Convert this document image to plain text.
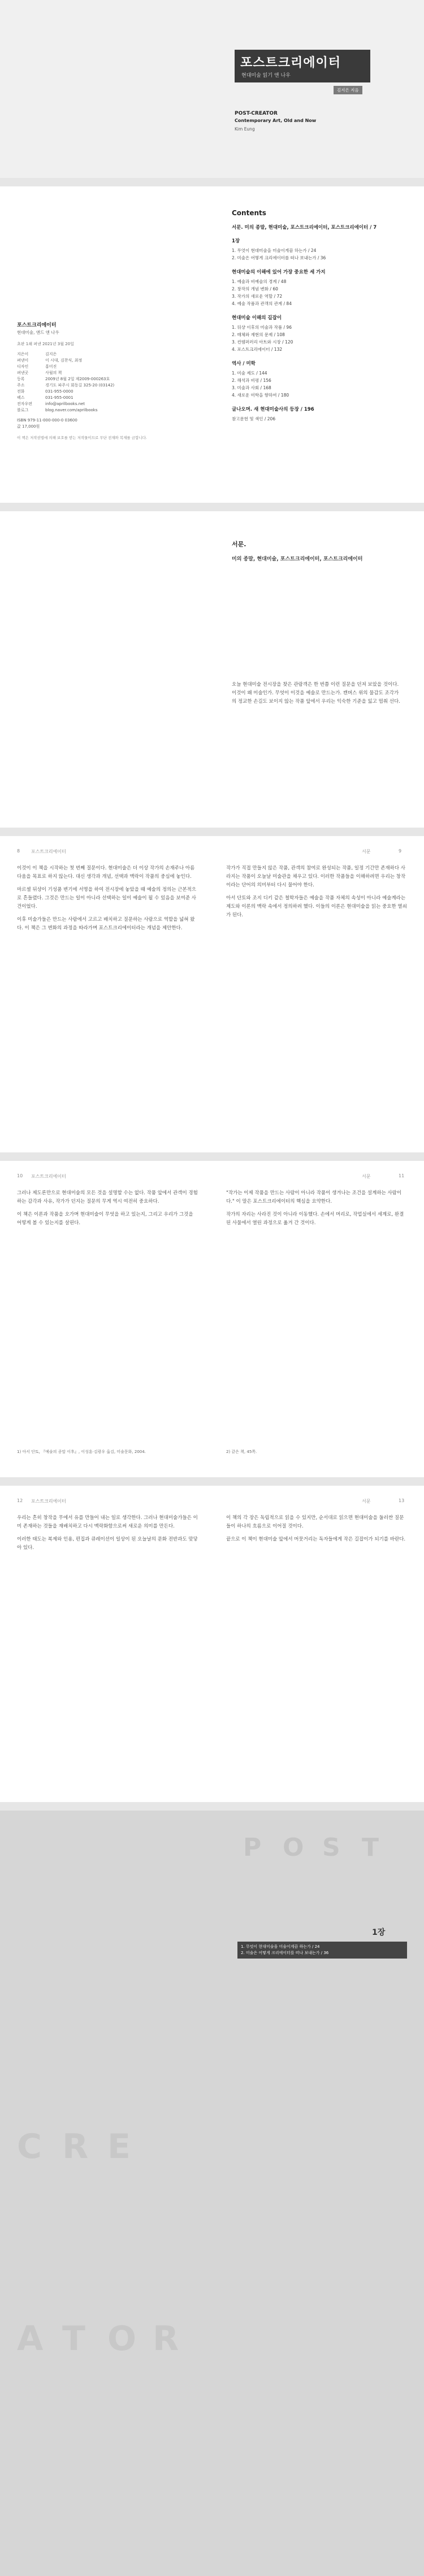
포스트크리에이터
현대미술 읽기 앤 나우
김지은 지음
POST-CREATOR
Contemporary Art, Old and Now
Kim Eung
포스트크리에이터
현대미술, 앤드 앤 나우
초판 1쇄 펴낸 2021년 3월 20일
지은이	김지은
펴낸이	이 시대, 김찬식, 최정
디자인	홍미진
펴낸곳	사월의 책
등록	2009년 8월 2일 제2009-000263호
주소	경기도 파주시 회동길 325-20 (03142)
전화	031-955-0000
팩스	031-955-0001
전자우편	info@aprilbooks.net
블로그	blog.naver.com/aprilbooks
ISBN 979-11-000-000-0 03600
값 17,000원
이 책은 저작권법에 의해 보호를 받는 저작물이므로 무단 전재와 복제를 금합니다.
Contents
서문. 미의 종말, 현대미술, 포스트크리에이터, 포스트크리에이터 / 7
1장
1. 무엇이 현대미술을 미술이게끔 하는가 / 24
2. 미술은 어떻게 크리에이터를 떠나 보내는가 / 36
현대미술의 이해에 있어 가장 중요한 세 가지
1. 예술과 비예술의 경계 / 48
2. 창작의 개념 변화 / 60
3. 작가의 새로운 역할 / 72
4. 예술 작품과 관객의 관계 / 84
현대미술 이해의 길잡이
1. 뒤샹 이후의 미술과 작품 / 96
2. 매체와 재현의 문제 / 108
3. 컨템퍼러리 아트와 시장 / 120
4. 포스트크리에이터 / 132
역사 / 미학
1. 미술 제도 / 144
2. 해석과 비평 / 156
3. 미술과 사회 / 168
4. 새로운 미학을 향하여 / 180
글나오며. 새 현대미술사의 등장 / 196
참고문헌 및 색인 / 206
서문.
미의 종말, 현대미술, 포스트크리에이터, 포스트크리에이터

오늘 현대미술 전시장을 찾은 관람객은 한 번쯤 이런 질문을 던져 보았을 것이다. 이것이 왜 미술인가. 무엇이 이것을 예술로 만드는가. 캔버스 위의 물감도 조각가의 정교한 손길도 보이지 않는 작품 앞에서 우리는 익숙한 기준을 잃고 멈춰 선다.

8 포스트크리에이터	서문	9

이것이 이 책을 시작하는 첫 번째 질문이다. 현대미술은 더 이상 작가의 손재주나 아름다움을 목표로 하지 않는다. 대신 생각과 개념, 선택과 맥락이 작품의 중심에 놓인다.

마르셀 뒤샹이 기성품 변기에 서명을 하여 전시장에 놓았을 때 예술의 정의는 근본적으로 흔들렸다. 그것은 만드는 일이 아니라 선택하는 일이 예술이 될 수 있음을 보여준 사건이었다.

이후 미술가들은 만드는 사람에서 고르고 배치하고 질문하는 사람으로 역할을 넓혀 왔다. 이 책은 그 변화의 과정을 따라가며 포스트크리에이터라는 개념을 제안한다.

작가가 직접 만들지 않은 작품, 관객의 참여로 완성되는 작품, 일정 기간만 존재하다 사라지는 작품이 오늘날 미술관을 채우고 있다. 이러한 작품들을 이해하려면 우리는 창작이라는 단어의 의미부터 다시 물어야 한다.

아서 단토와 조지 디키 같은 철학자들은 예술을 작품 자체의 속성이 아니라 예술계라는 제도와 이론의 맥락 속에서 정의하려 했다. 이들의 이론은 현대미술을 읽는 중요한 열쇠가 된다.

10 포스트크리에이터	서문	11

그러나 제도론만으로 현대미술의 모든 것을 설명할 수는 없다. 작품 앞에서 관객이 경험하는 감각과 사유, 작가가 던지는 질문의 무게 역시 여전히 중요하다.

이 책은 이론과 작품을 오가며 현대미술이 무엇을 하고 있는지, 그리고 우리가 그것을 어떻게 볼 수 있는지를 살핀다.

1) 아서 단토, 『예술의 종말 이후』, 이성훈·김광우 옮김, 미술문화, 2004.

"작가는 이제 작품을 만드는 사람이 아니라 작품이 생겨나는 조건을 설계하는 사람이다." 이 말은 포스트크리에이터의 핵심을 요약한다.

작가의 자리는 사라진 것이 아니라 이동했다. 손에서 머리로, 작업실에서 세계로, 완결된 사물에서 열린 과정으로 옮겨 간 것이다.

2) 같은 책, 45쪽.
12 포스트크리에이터	서문	13

우리는 흔히 창작을 무에서 유를 만들어 내는 일로 생각한다. 그러나 현대미술가들은 이미 존재하는 것들을 재배치하고 다시 맥락화함으로써 새로운 의미를 만든다.

이러한 태도는 복제와 인용, 편집과 큐레이션이 일상이 된 오늘날의 문화 전반과도 맞닿아 있다.

이 책의 각 장은 독립적으로 읽을 수 있지만, 순서대로 읽으면 현대미술을 둘러싼 질문들이 하나의 흐름으로 이어질 것이다.

끝으로 이 책이 현대미술 앞에서 머뭇거리는 독자들에게 작은 길잡이가 되기를 바란다.

1장
1. 무엇이 현대미술을 미술이게끔 하는가 / 24
2. 미술은 어떻게 크리에이터를 떠나 보내는가 / 36
P O S T
C R E
A T O R
